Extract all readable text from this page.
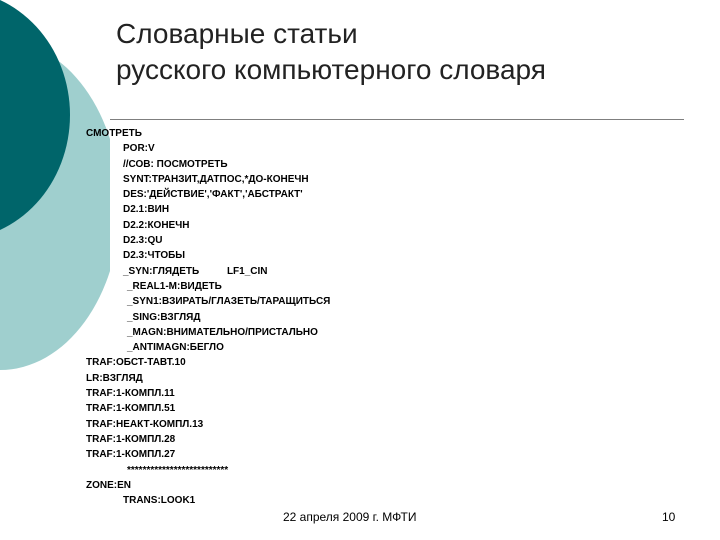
Словарные статьи
русского компьютерного словаря
СМОТРЕТЬ
POR:V
//СОВ: ПОСМОТРЕТЬ
SYNT:ТРАНЗИТ,ДАТПОС,*ДО-КОНЕЧН
DES:'ДЕЙСТВИЕ','ФАКТ','АБСТРАКТ'
D2.1:ВИН
D2.2:КОНЕЧН
D2.3:QU
D2.3:ЧТОБЫ
_SYN:ГЛЯДЕТЬ          LF1_CIN
_REAL1-M:ВИДЕТЬ
_SYN1:ВЗИРАТЬ/ГЛАЗЕТЬ/ТАРАЩИТЬСЯ
_SING:ВЗГЛЯД
_MAGN:ВНИМАТЕЛЬНО/ПРИСТАЛЬНО
_ANTIMAGN:БЕГЛО
TRAF:ОБСТ-ТАВТ.10
LR:ВЗГЛЯД
TRAF:1-КОМПЛ.11
TRAF:1-КОМПЛ.51
TRAF:НЕАКТ-КОМПЛ.13
TRAF:1-КОМПЛ.28
TRAF:1-КОМПЛ.27
**************************
ZONE:EN
TRANS:LOOK1
22 апреля 2009 г. МФТИ	10
